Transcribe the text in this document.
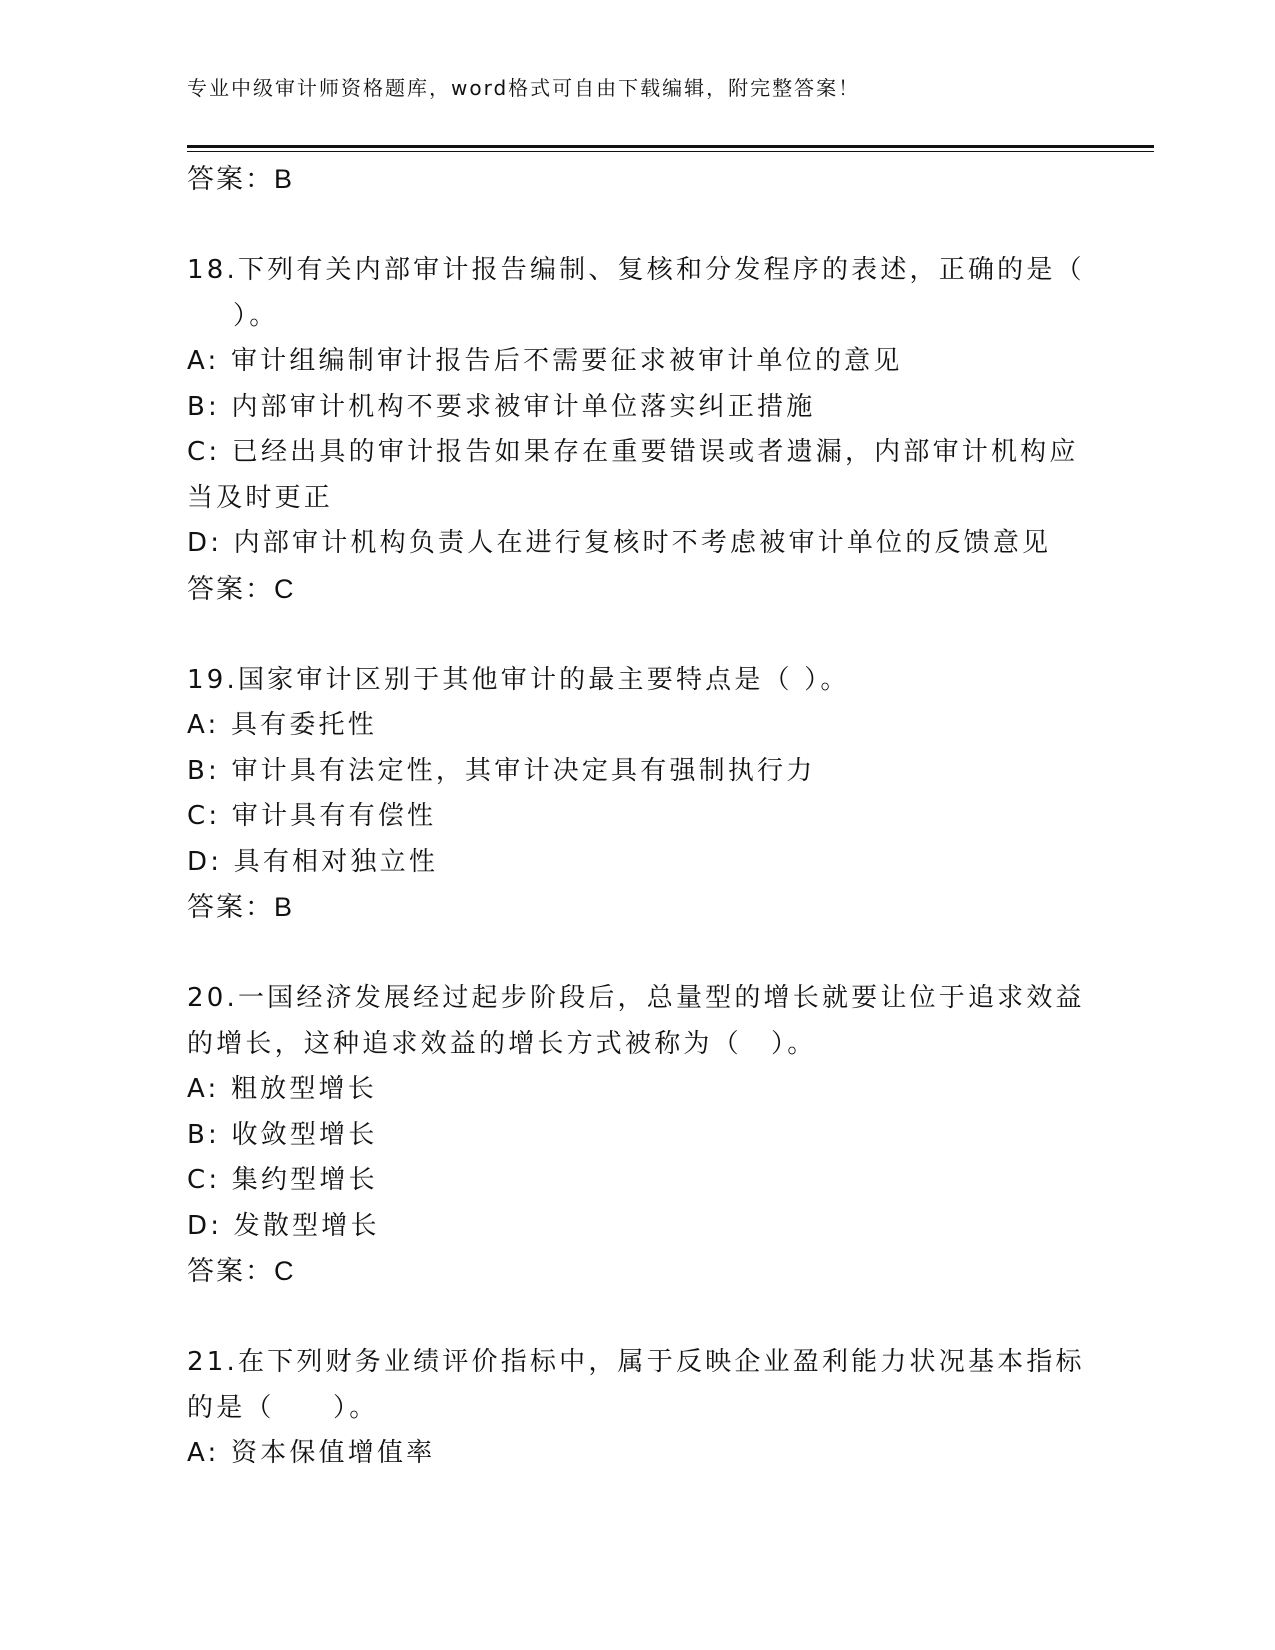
专业中级审计师资格题库，word格式可自由下载编辑，附完整答案！
答案：B
18.下列有关内部审计报告编制、复核和分发程序的表述，正确的是（
）。
A: 审计组编制审计报告后不需要征求被审计单位的意见
B: 内部审计机构不要求被审计单位落实纠正措施
C: 已经出具的审计报告如果存在重要错误或者遗漏，内部审计机构应
当及时更正
D: 内部审计机构负责人在进行复核时不考虑被审计单位的反馈意见
答案：C
19.国家审计区别于其他审计的最主要特点是（ ）。
A: 具有委托性
B: 审计具有法定性，其审计决定具有强制执行力
C: 审计具有有偿性
D: 具有相对独立性
答案：B
20.一国经济发展经过起步阶段后，总量型的增长就要让位于追求效益
的增长，这种追求效益的增长方式被称为（　）。
A: 粗放型增长
B: 收敛型增长
C: 集约型增长
D: 发散型增长
答案：C
21.在下列财务业绩评价指标中，属于反映企业盈利能力状况基本指标
的是（　　）。
A: 资本保值增值率
